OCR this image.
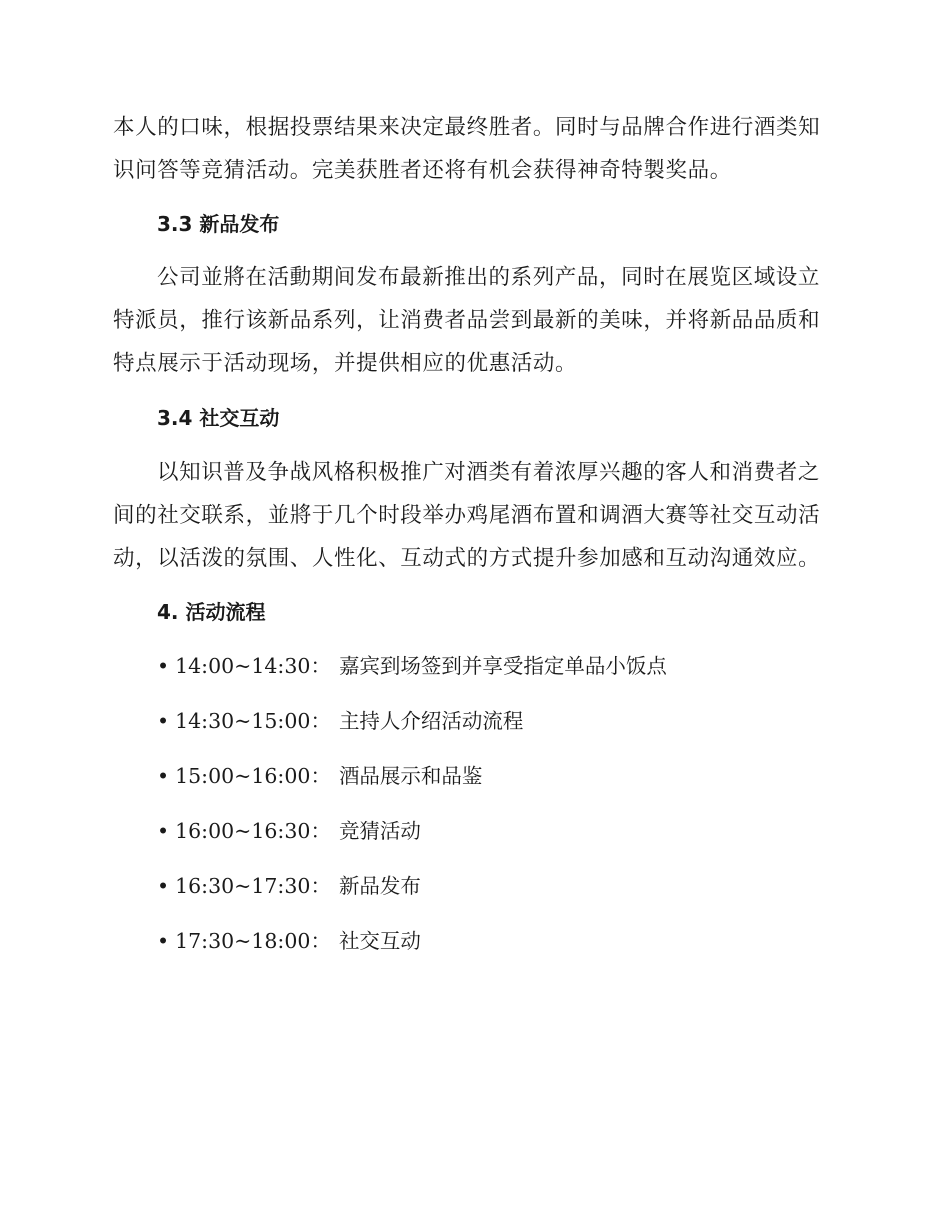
本人的口味，根据投票结果来决定最终胜者。同时与品牌合作进行酒类知识问答等竞猜活动。完美获胜者还将有机会获得神奇特製奖品。

3.3 新品发布

公司並將在活動期间发布最新推出的系列产品，同时在展览区域设立特派员，推行该新品系列，让消费者品尝到最新的美味，并将新品品质和特点展示于活动现场，并提供相应的优惠活动。

3.4 社交互动

以知识普及争战风格积极推广对酒类有着浓厚兴趣的客人和消费者之间的社交联系，並將于几个时段举办鸡尾酒布置和调酒大赛等社交互动活动，以活泼的氛围、人性化、互动式的方式提升参加感和互动沟通效应。

4. 活动流程
• 14:00~14:30： 嘉宾到场签到并享受指定单品小饭点
• 14:30~15:00： 主持人介绍活动流程
• 15:00~16:00： 酒品展示和品鉴
• 16:00~16:30： 竞猜活动
• 16:30~17:30： 新品发布
• 17:30~18:00： 社交互动
